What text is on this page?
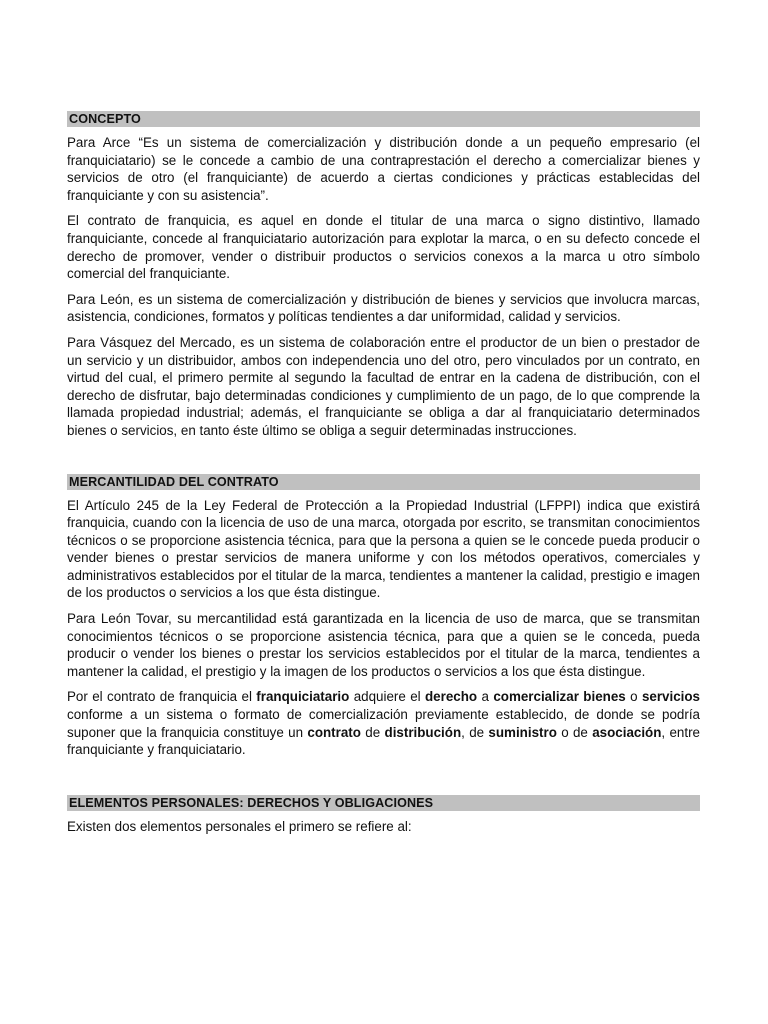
CONCEPTO

Para Arce “Es un sistema de comercialización y distribución donde a un pequeño empresario (el franquiciatario) se le concede a cambio de una contraprestación el derecho a comercializar bienes y servicios de otro (el franquiciante) de acuerdo a ciertas condiciones y prácticas establecidas del franquiciante y con su asistencia”.

El contrato de franquicia, es aquel en donde el titular de una marca o signo distintivo, llamado franquiciante, concede al franquiciatario autorización para explotar la marca, o en su defecto concede el derecho de promover, vender o distribuir productos o servicios conexos a la marca u otro símbolo comercial del franquiciante.

Para León, es un sistema de comercialización y distribución de bienes y servicios que involucra marcas, asistencia, condiciones, formatos y políticas tendientes a dar uniformidad, calidad y servicios.

Para Vásquez del Mercado, es un sistema de colaboración entre el productor de un bien o prestador de un servicio y un distribuidor, ambos con independencia uno del otro, pero vinculados por un contrato, en virtud del cual, el primero permite al segundo la facultad de entrar en la cadena de distribución, con el derecho de disfrutar, bajo determinadas condiciones y cumplimiento de un pago, de lo que comprende la llamada propiedad industrial; además, el franquiciante se obliga a dar al franquiciatario determinados bienes o servicios, en tanto éste último se obliga a seguir determinadas instrucciones.

MERCANTILIDAD DEL CONTRATO

El Artículo 245 de la Ley Federal de Protección a la Propiedad Industrial (LFPPI) indica que existirá franquicia, cuando con la licencia de uso de una marca, otorgada por escrito, se transmitan conocimientos técnicos o se proporcione asistencia técnica, para que la persona a quien se le concede pueda producir o vender bienes o prestar servicios de manera uniforme y con los métodos operativos, comerciales y administrativos establecidos por el titular de la marca, tendientes a mantener la calidad, prestigio e imagen de los productos o servicios a los que ésta distingue.

Para León Tovar, su mercantilidad está garantizada en la licencia de uso de marca, que se transmitan conocimientos técnicos o se proporcione asistencia técnica, para que a quien se le conceda, pueda producir o vender los bienes o prestar los servicios establecidos por el titular de la marca, tendientes a mantener la calidad, el prestigio y la imagen de los productos o servicios a los que ésta distingue.

Por el contrato de franquicia el franquiciatario adquiere el derecho a comercializar bienes o servicios conforme a un sistema o formato de comercialización previamente establecido, de donde se podría suponer que la franquicia constituye un contrato de distribución, de suministro o de asociación, entre franquiciante y franquiciatario.

ELEMENTOS PERSONALES: DERECHOS Y OBLIGACIONES

Existen dos elementos personales el primero se refiere al:
